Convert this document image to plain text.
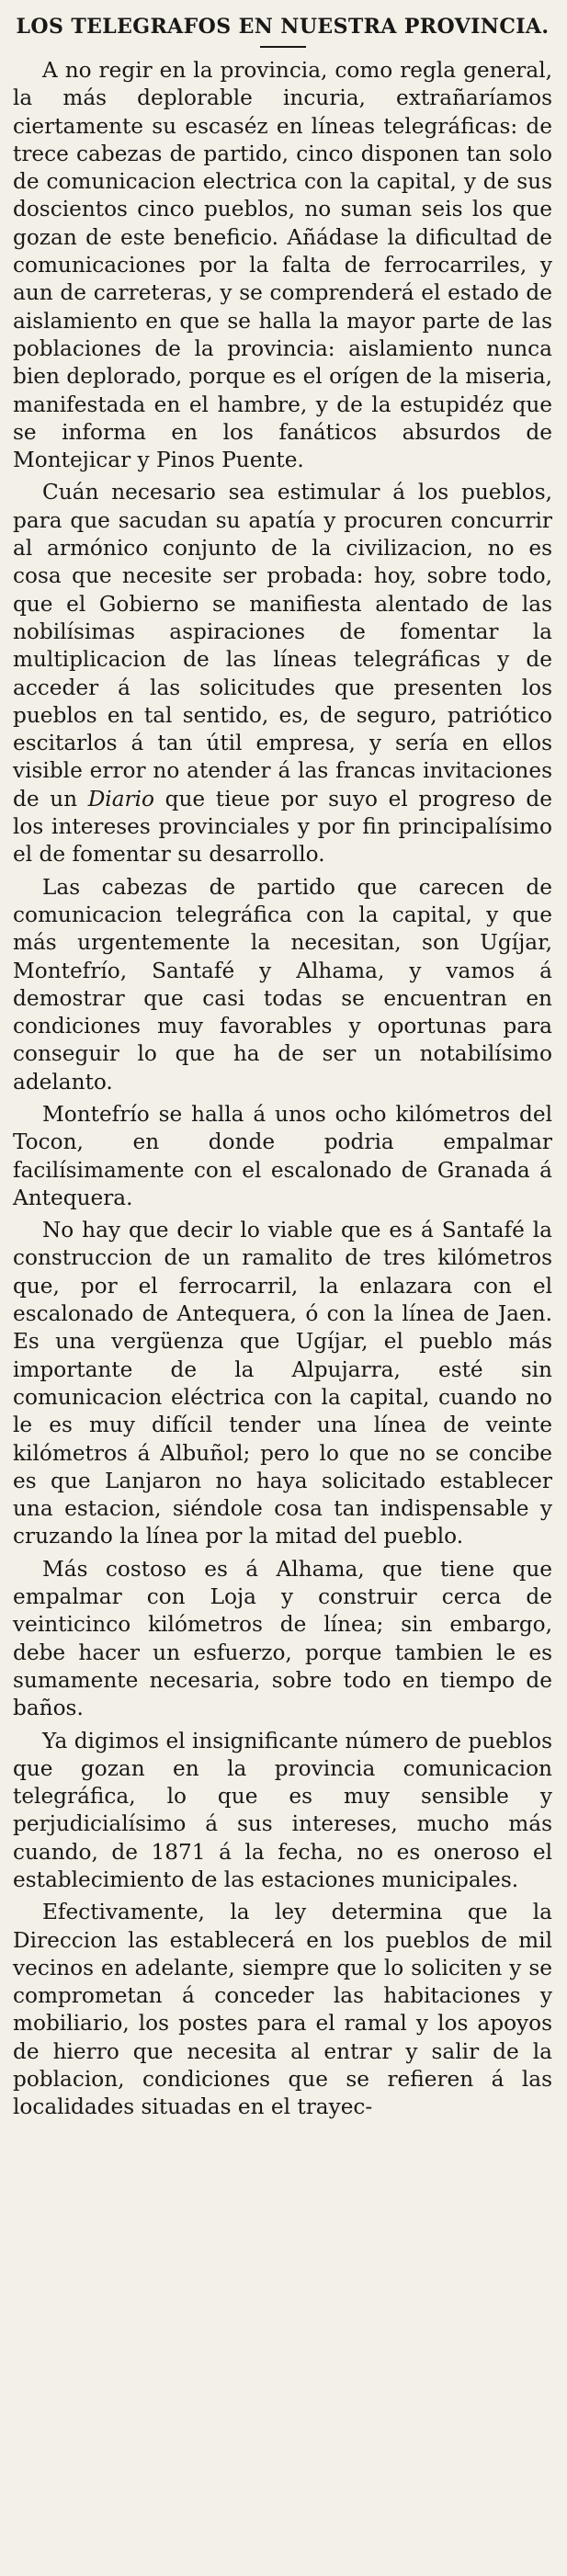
LOS TELEGRAFOS EN NUESTRA PROVINCIA.

A no regir en la provincia, como regla general, la más deplorable incuria, extrañaríamos ciertamente su escaséz en líneas telegráficas: de trece cabezas de partido, cinco disponen tan solo de comunicacion electrica con la capital, y de sus doscientos cinco pueblos, no suman seis los que gozan de este beneficio. Añádase la dificultad de comunicaciones por la falta de ferrocarriles, y aun de carreteras, y se comprenderá el estado de aislamiento en que se halla la mayor parte de las poblaciones de la provincia: aislamiento nunca bien deplorado, porque es el orígen de la miseria, manifestada en el hambre, y de la estupidéz que se informa en los fanáticos absurdos de Montejicar y Pinos Puente.

Cuán necesario sea estimular á los pueblos, para que sacudan su apatía y procuren concurrir al armónico conjunto de la civilizacion, no es cosa que necesite ser probada: hoy, sobre todo, que el Gobierno se manifiesta alentado de las nobilísimas aspiraciones de fomentar la multiplicacion de las líneas telegráficas y de acceder á las solicitudes que presenten los pueblos en tal sentido, es, de seguro, patriótico escitarlos á tan útil empresa, y sería en ellos visible error no atender á las francas invitaciones de un Diario que tieue por suyo el progreso de los intereses provinciales y por fin principalísimo el de fomentar su desarrollo.

Las cabezas de partido que carecen de comunicacion telegráfica con la capital, y que más urgentemente la necesitan, son Ugíjar, Montefrío, Santafé y Alhama, y vamos á demostrar que casi todas se encuentran en condiciones muy favorables y oportunas para conseguir lo que ha de ser un notabilísimo adelanto.

Montefrío se halla á unos ocho kilómetros del Tocon, en donde podria empalmar facilísimamente con el escalonado de Granada á Antequera.

No hay que decir lo viable que es á Santafé la construccion de un ramalito de tres kilómetros que, por el ferrocarril, la enlazara con el escalonado de Antequera, ó con la línea de Jaen. Es una vergüenza que Ugíjar, el pueblo más importante de la Alpujarra, esté sin comunicacion eléctrica con la capital, cuando no le es muy difícil tender una línea de veinte kilómetros á Albuñol; pero lo que no se concibe es que Lanjaron no haya solicitado establecer una estacion, siéndole cosa tan indispensable y cruzando la línea por la mitad del pueblo.

Más costoso es á Alhama, que tiene que empalmar con Loja y construir cerca de veinticinco kilómetros de línea; sin embargo, debe hacer un esfuerzo, porque tambien le es sumamente necesaria, sobre todo en tiempo de baños.

Ya digimos el insignificante número de pueblos que gozan en la provincia comunicacion telegráfica, lo que es muy sensible y perjudicialísimo á sus intereses, mucho más cuando, de 1871 á la fecha, no es oneroso el establecimiento de las estaciones municipales.

Efectivamente, la ley determina que la Direccion las establecerá en los pueblos de mil vecinos en adelante, siempre que lo soliciten y se comprometan á conceder las habitaciones y mobiliario, los postes para el ramal y los apoyos de hierro que necesita al entrar y salir de la poblacion, condiciones que se refieren á las localidades situadas en el trayec-
